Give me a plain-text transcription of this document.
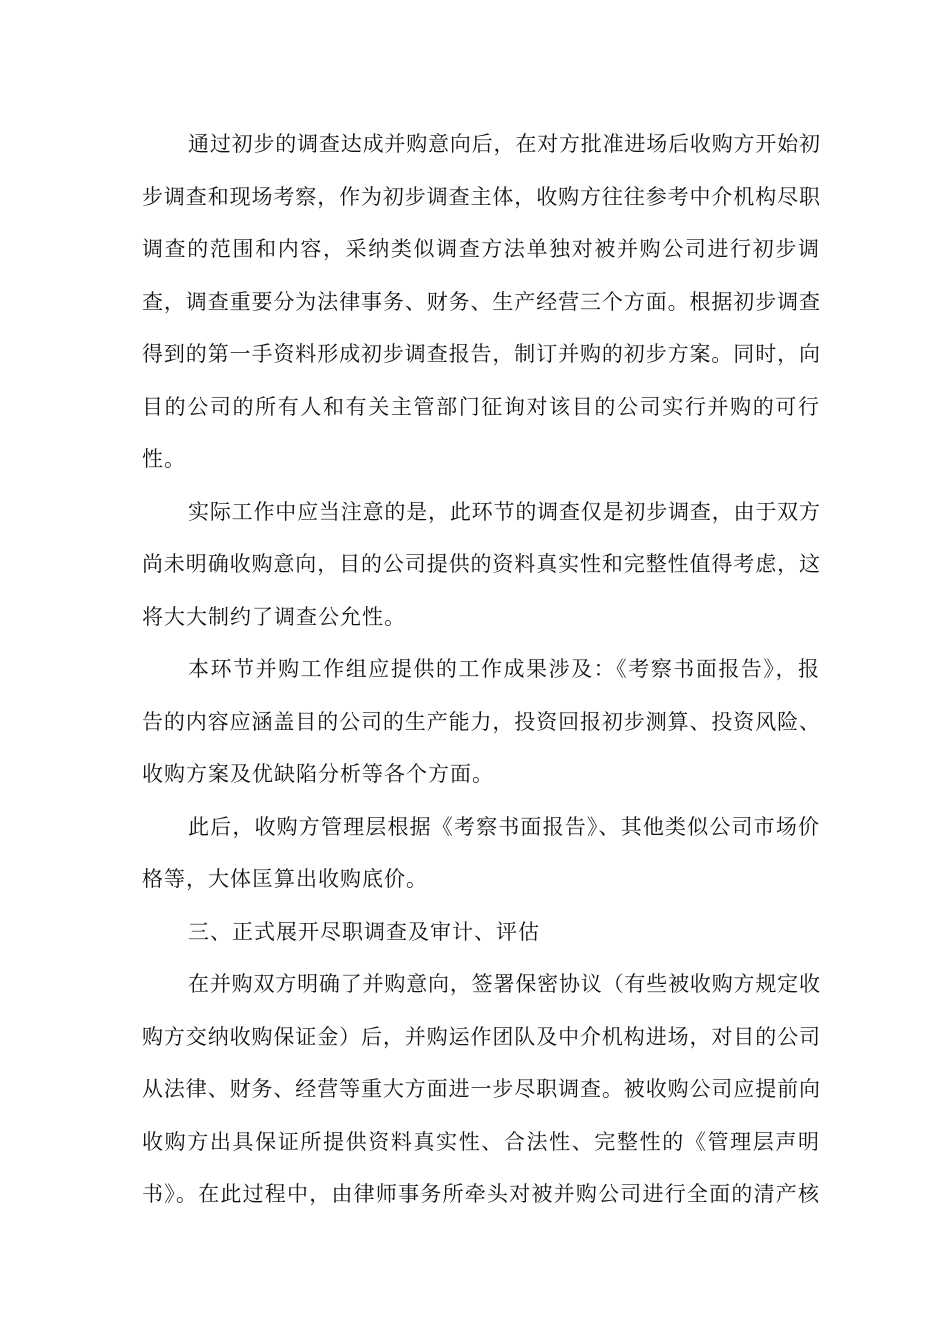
通过初步的调查达成并购意向后，在对方批准进场后收购方开始初
步调查和现场考察，作为初步调查主体，收购方往往参考中介机构尽职
调查的范围和内容，采纳类似调查方法单独对被并购公司进行初步调
查，调查重要分为法律事务、财务、生产经营三个方面。根据初步调查
得到的第一手资料形成初步调查报告，制订并购的初步方案。同时，向
目的公司的所有人和有关主管部门征询对该目的公司实行并购的可行
性。
实际工作中应当注意的是，此环节的调查仅是初步调查，由于双方
尚未明确收购意向，目的公司提供的资料真实性和完整性值得考虑，这
将大大制约了调查公允性。
本环节并购工作组应提供的工作成果涉及：《考察书面报告》，报
告的内容应涵盖目的公司的生产能力，投资回报初步测算、投资风险、
收购方案及优缺陷分析等各个方面。
此后，收购方管理层根据《考察书面报告》、其他类似公司市场价
格等，大体匡算出收购底价。
三、正式展开尽职调查及审计、评估
在并购双方明确了并购意向，签署保密协议（有些被收购方规定收
购方交纳收购保证金）后，并购运作团队及中介机构进场，对目的公司
从法律、财务、经营等重大方面进一步尽职调查。被收购公司应提前向
收购方出具保证所提供资料真实性、合法性、完整性的《管理层声明
书》。在此过程中，由律师事务所牵头对被并购公司进行全面的清产核
